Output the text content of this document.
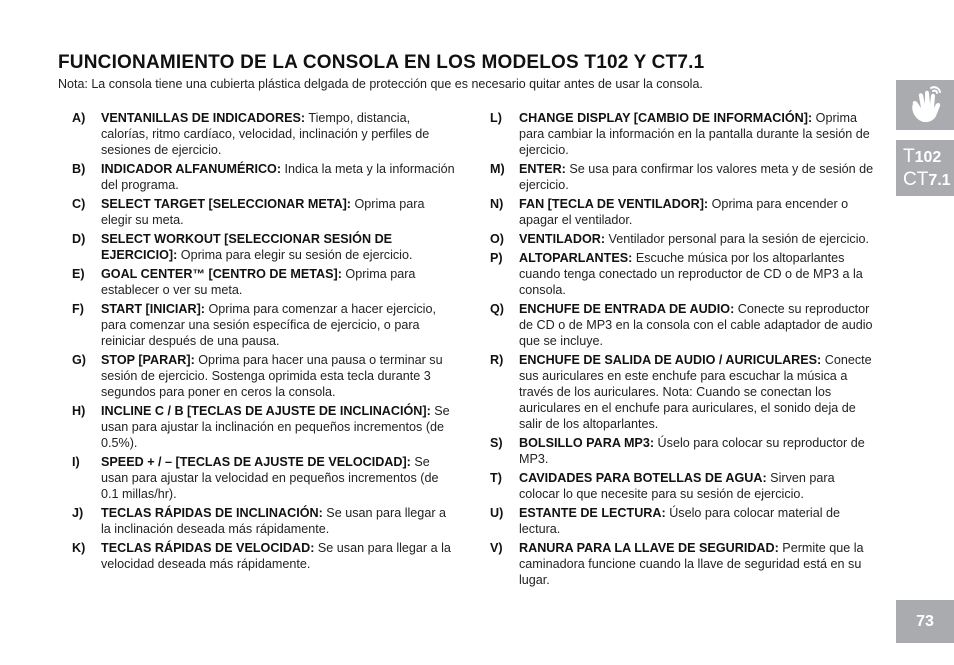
FUNCIONAMIENTO DE LA CONSOLA EN LOS MODELOS T102 Y CT7.1

Nota: La consola tiene una cubierta plástica delgada de protección que es necesario quitar antes de usar la consola.

A) VENTANILLAS DE INDICADORES: Tiempo, distancia, calorías, ritmo cardíaco, velocidad, inclinación y perfiles de sesiones de ejercicio.
B) INDICADOR ALFANUMÉRICO: Indica la meta y la información del programa.
C) SELECT TARGET [SELECCIONAR META]: Oprima para elegir su meta.
D) SELECT WORKOUT [SELECCIONAR SESIÓN DE EJERCICIO]: Oprima para elegir su sesión de ejercicio.
E) GOAL CENTER™ [CENTRO DE METAS]: Oprima para establecer o ver su meta.
F) START [INICIAR]: Oprima para comenzar a hacer ejercicio, para comenzar una sesión específica de ejercicio, o para reiniciar después de una pausa.
G) STOP [PARAR]: Oprima para hacer una pausa o terminar su sesión de ejercicio. Sostenga oprimida esta tecla durante 3 segundos para poner en ceros la consola.
H) INCLINE C / B [TECLAS DE AJUSTE DE INCLINACIÓN]: Se usan para ajustar la inclinación en pequeños incrementos (de 0.5%).
I) SPEED + / – [TECLAS DE AJUSTE DE VELOCIDAD]: Se usan para ajustar la velocidad en pequeños incrementos (de 0.1 millas/hr).
J) TECLAS RÁPIDAS DE INCLINACIÓN: Se usan para llegar a la inclinación deseada más rápidamente.
K) TECLAS RÁPIDAS DE VELOCIDAD: Se usan para llegar a la velocidad deseada más rápidamente.
L) CHANGE DISPLAY [CAMBIO DE INFORMACIÓN]: Oprima para cambiar la información en la pantalla durante la sesión de ejercicio.
M) ENTER: Se usa para confirmar los valores meta y de sesión de ejercicio.
N) FAN [TECLA DE VENTILADOR]: Oprima para encender o apagar el ventilador.
O) VENTILADOR: Ventilador personal para la sesión de ejercicio.
P) ALTOPARLANTES: Escuche música por los altoparlantes cuando tenga conectado un reproductor de CD o de MP3 a la consola.
Q) ENCHUFE DE ENTRADA DE AUDIO: Conecte su reproductor de CD o de MP3 en la consola con el cable adaptador de audio que se incluye.
R) ENCHUFE DE SALIDA DE AUDIO / AURICULARES: Conecte sus auriculares en este enchufe para escuchar la música a través de los auriculares. Nota: Cuando se conectan los auriculares en el enchufe para auriculares, el sonido deja de salir de los altoparlantes.
S) BOLSILLO PARA MP3: Úselo para colocar su reproductor de MP3.
T) CAVIDADES PARA BOTELLAS DE AGUA: Sirven para colocar lo que necesite para su sesión de ejercicio.
U) ESTANTE DE LECTURA: Úselo para colocar material de lectura.
V) RANURA PARA LA LLAVE DE SEGURIDAD: Permite que la caminadora funcione cuando la llave de seguridad está en su lugar.
T102
CT7.1
73
